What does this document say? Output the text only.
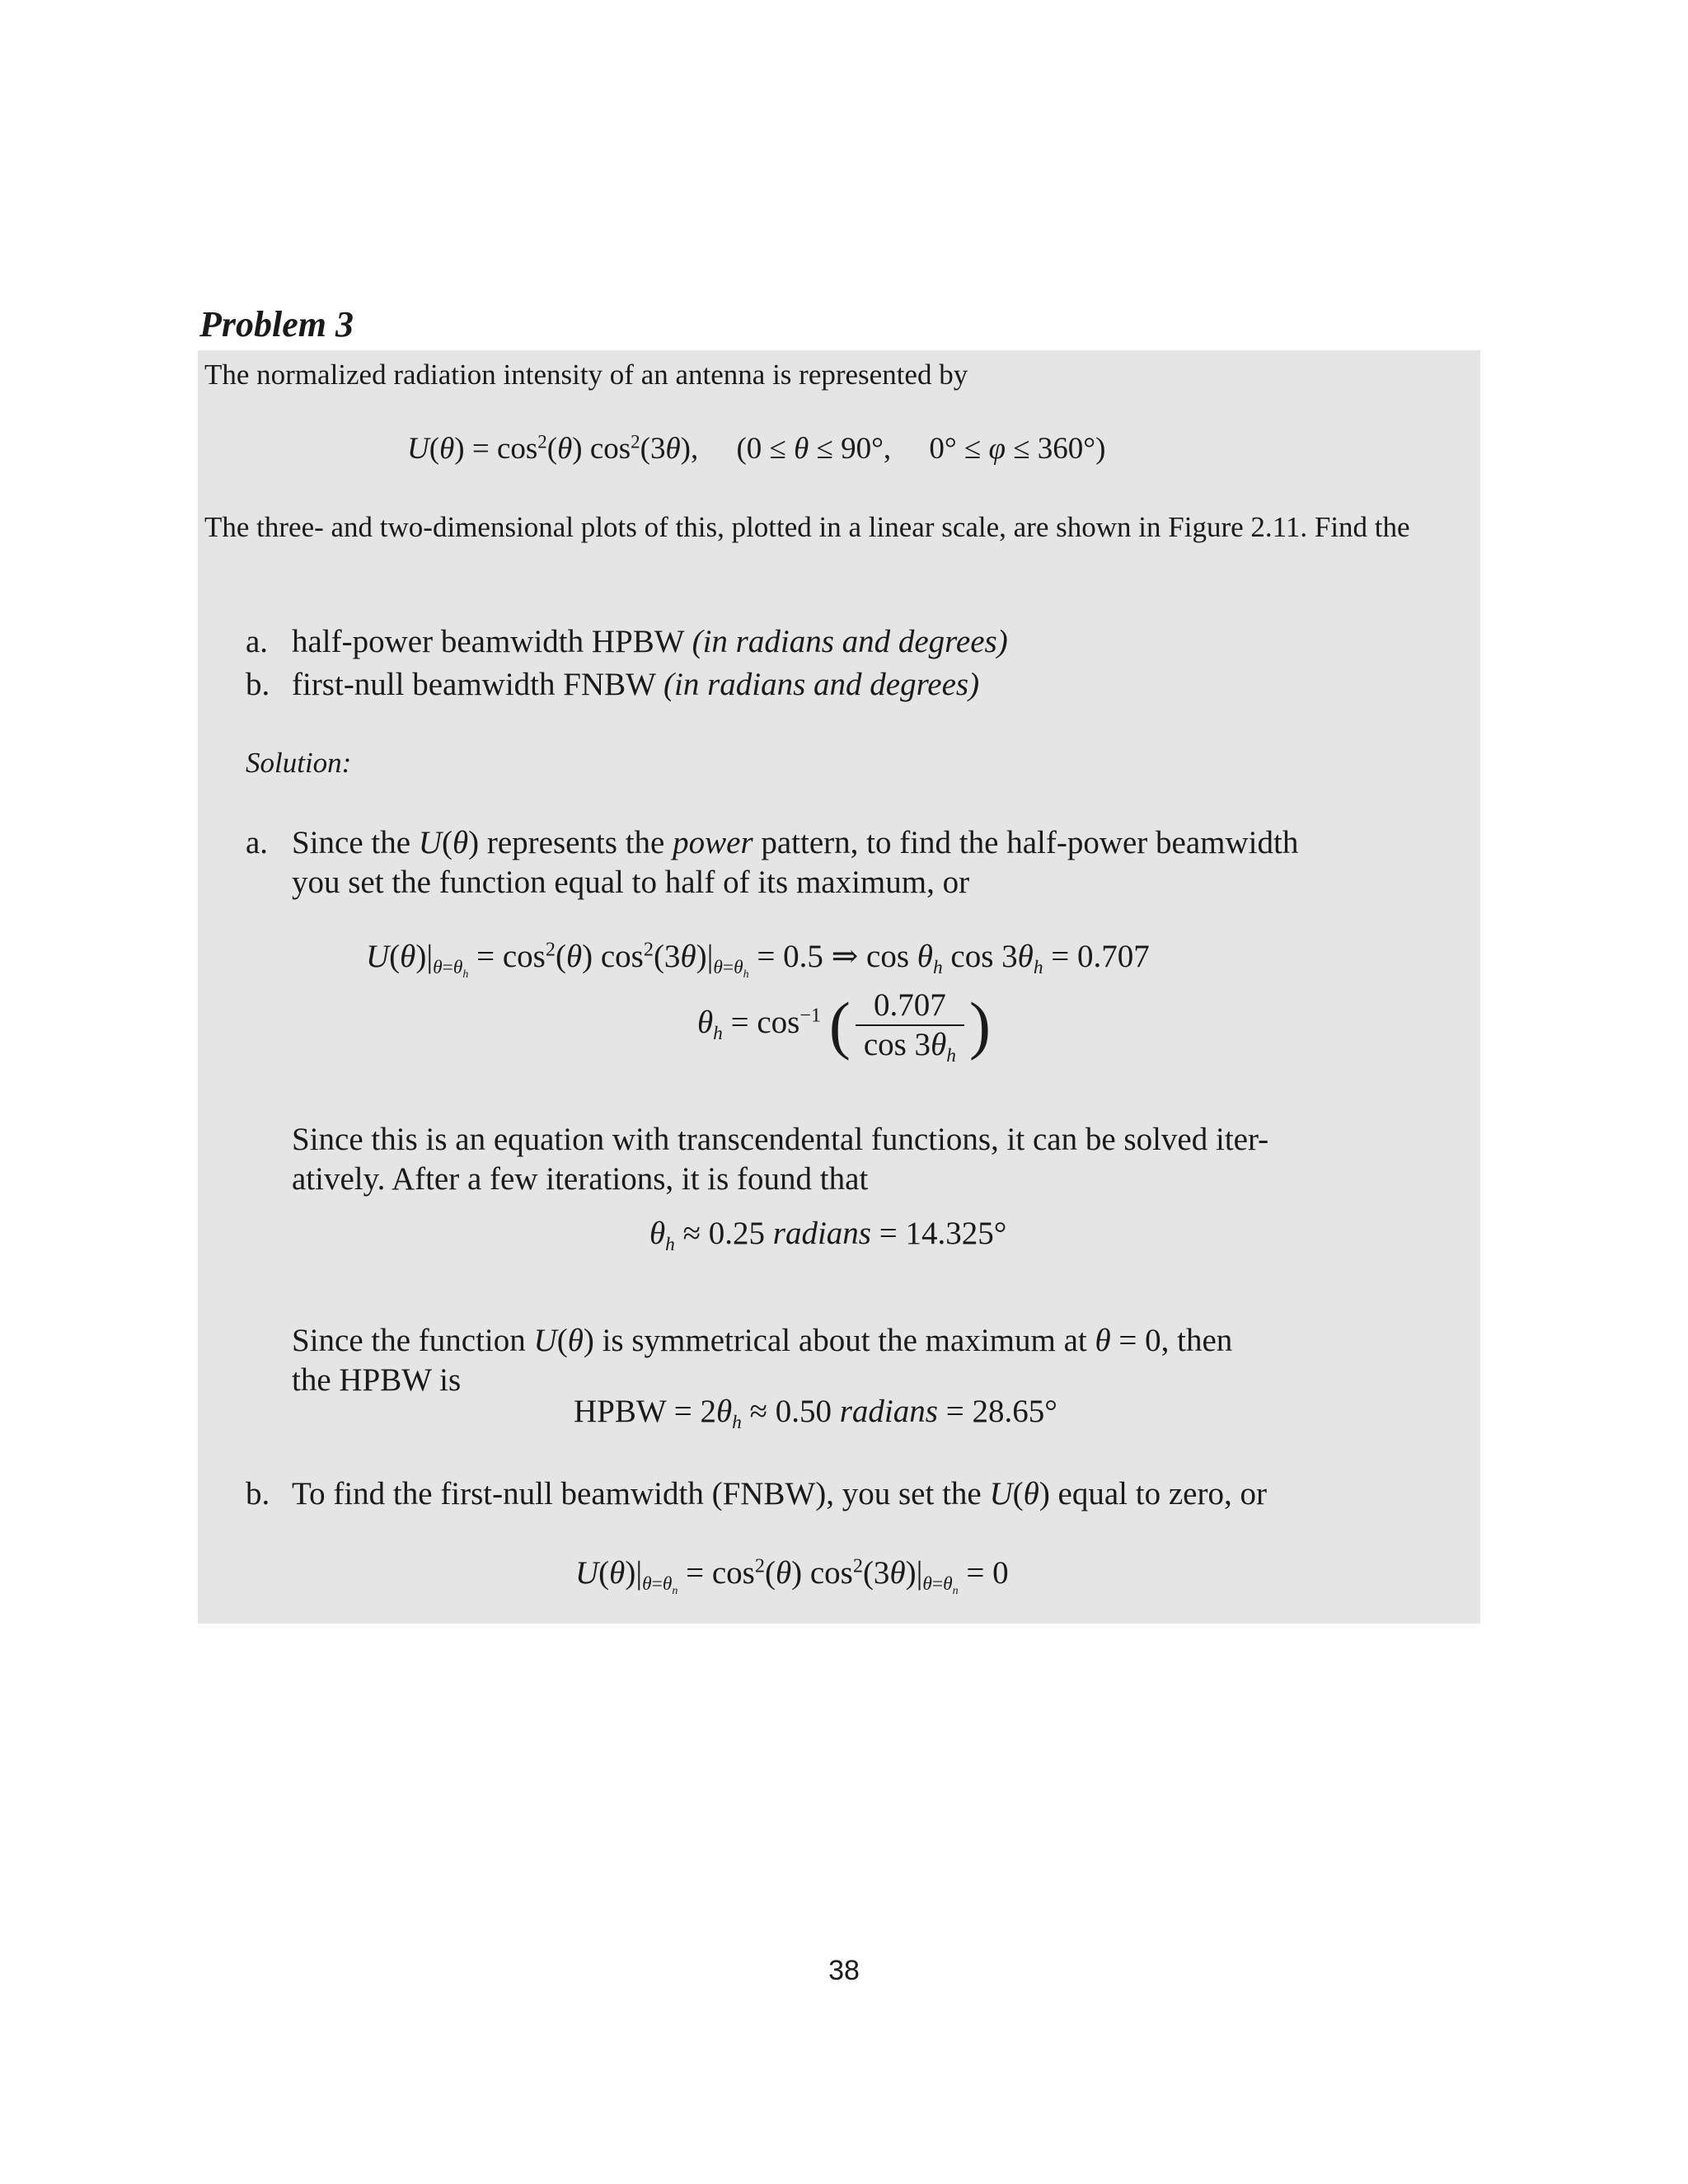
Problem 3

The normalized radiation intensity of an antenna is represented by

$U(\theta) = \cos^2(\theta)$ $\cos^2(3\theta)$,     (0 ≤ θ ≤ 90°,     0° ≤ φ ≤ 360°)

The three- and two-dimensional plots of this, plotted in a linear scale, are shown in Figure 2.11. Find the

a. half-power beamwidth HPBW (in radians and degrees)
b. first-null beamwidth FNBW (in radians and degrees)
Solution:
a. Since the U(θ) represents the power pattern, to find the half-power beamwidth
you set the function equal to half of its maximum, or
$U(\theta)|_{\theta=\theta_h} = \cos^2(\theta) \cos^2(3\theta)|_{\theta=\theta_h} = 0.5$ ⇒ $\cos \theta_h$ $\cos 3\theta_h = 0.707$
$\theta_h = \cos^{-1}$ ( $\frac{0.707}{\cos 3\theta_h}$ )
Since this is an equation with transcendental functions, it can be solved iter-
atively. After a few iterations, it is found that
$\theta_h \approx 0.25$ radians = 14.325°
Since the function U(θ) is symmetrical about the maximum at θ = 0, then
the HPBW is
HPBW = $2\theta_h \approx 0.50$ radians = 28.65°
b. To find the first-null beamwidth (FNBW), you set the U(θ) equal to zero, or
$U(\theta)|_{\theta=\theta_n} = \cos^2(\theta) \cos^2(3\theta)|_{\theta=\theta_n} = 0$
38
